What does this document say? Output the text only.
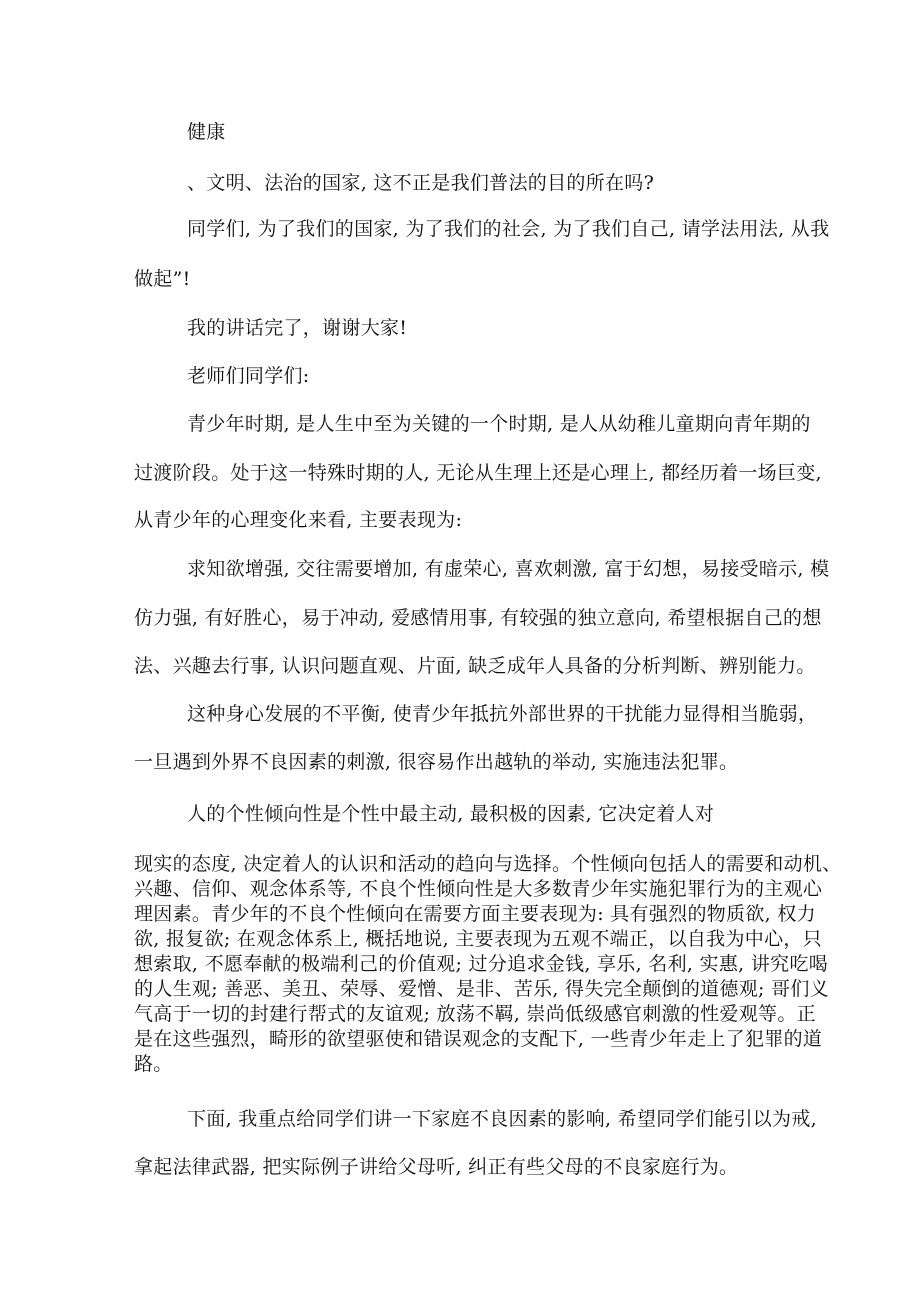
健康
、文明、法治的国家, 这不正是我们普法的目的所在吗?
同学们, 为了我们的国家, 为了我们的社会, 为了我们自己, 请学法用法, 从我
做起”!
我的讲话完了，谢谢大家!
老师们同学们:
青少年时期, 是人生中至为关键的一个时期, 是人从幼稚儿童期向青年期的
过渡阶段。处于这一特殊时期的人, 无论从生理上还是心理上, 都经历着一场巨变,
从青少年的心理变化来看, 主要表现为:
求知欲增强, 交往需要增加, 有虚荣心, 喜欢刺激, 富于幻想，易接受暗示, 模
仿力强, 有好胜心，易于冲动, 爱感情用事, 有较强的独立意向, 希望根据自己的想
法、兴趣去行事, 认识问题直观、片面, 缺乏成年人具备的分析判断、辨别能力。
这种身心发展的不平衡, 使青少年抵抗外部世界的干扰能力显得相当脆弱，
一旦遇到外界不良因素的刺激, 很容易作出越轨的举动, 实施违法犯罪。
人的个性倾向性是个性中最主动, 最积极的因素, 它决定着人对
现实的态度, 决定着人的认识和活动的趋向与选择。个性倾向包括人的需要和动机、
兴趣、信仰、观念体系等, 不良个性倾向性是大多数青少年实施犯罪行为的主观心
理因素。青少年的不良个性倾向在需要方面主要表现为: 具有强烈的物质欲, 权力
欲, 报复欲; 在观念体系上, 概括地说, 主要表现为五观不端正，以自我为中心，只
想索取, 不愿奉献的极端利己的价值观; 过分追求金钱, 享乐, 名利, 实惠, 讲究吃喝
的人生观; 善恶、美丑、荣辱、爱憎、是非、苦乐, 得失完全颠倒的道德观; 哥们义
气高于一切的封建行帮式的友谊观; 放荡不羁, 崇尚低级感官刺激的性爱观等。正
是在这些强烈，畸形的欲望驱使和错误观念的支配下, 一些青少年走上了犯罪的道
路。
下面, 我重点给同学们讲一下家庭不良因素的影响, 希望同学们能引以为戒,
拿起法律武器, 把实际例子讲给父母听, 纠正有些父母的不良家庭行为。
